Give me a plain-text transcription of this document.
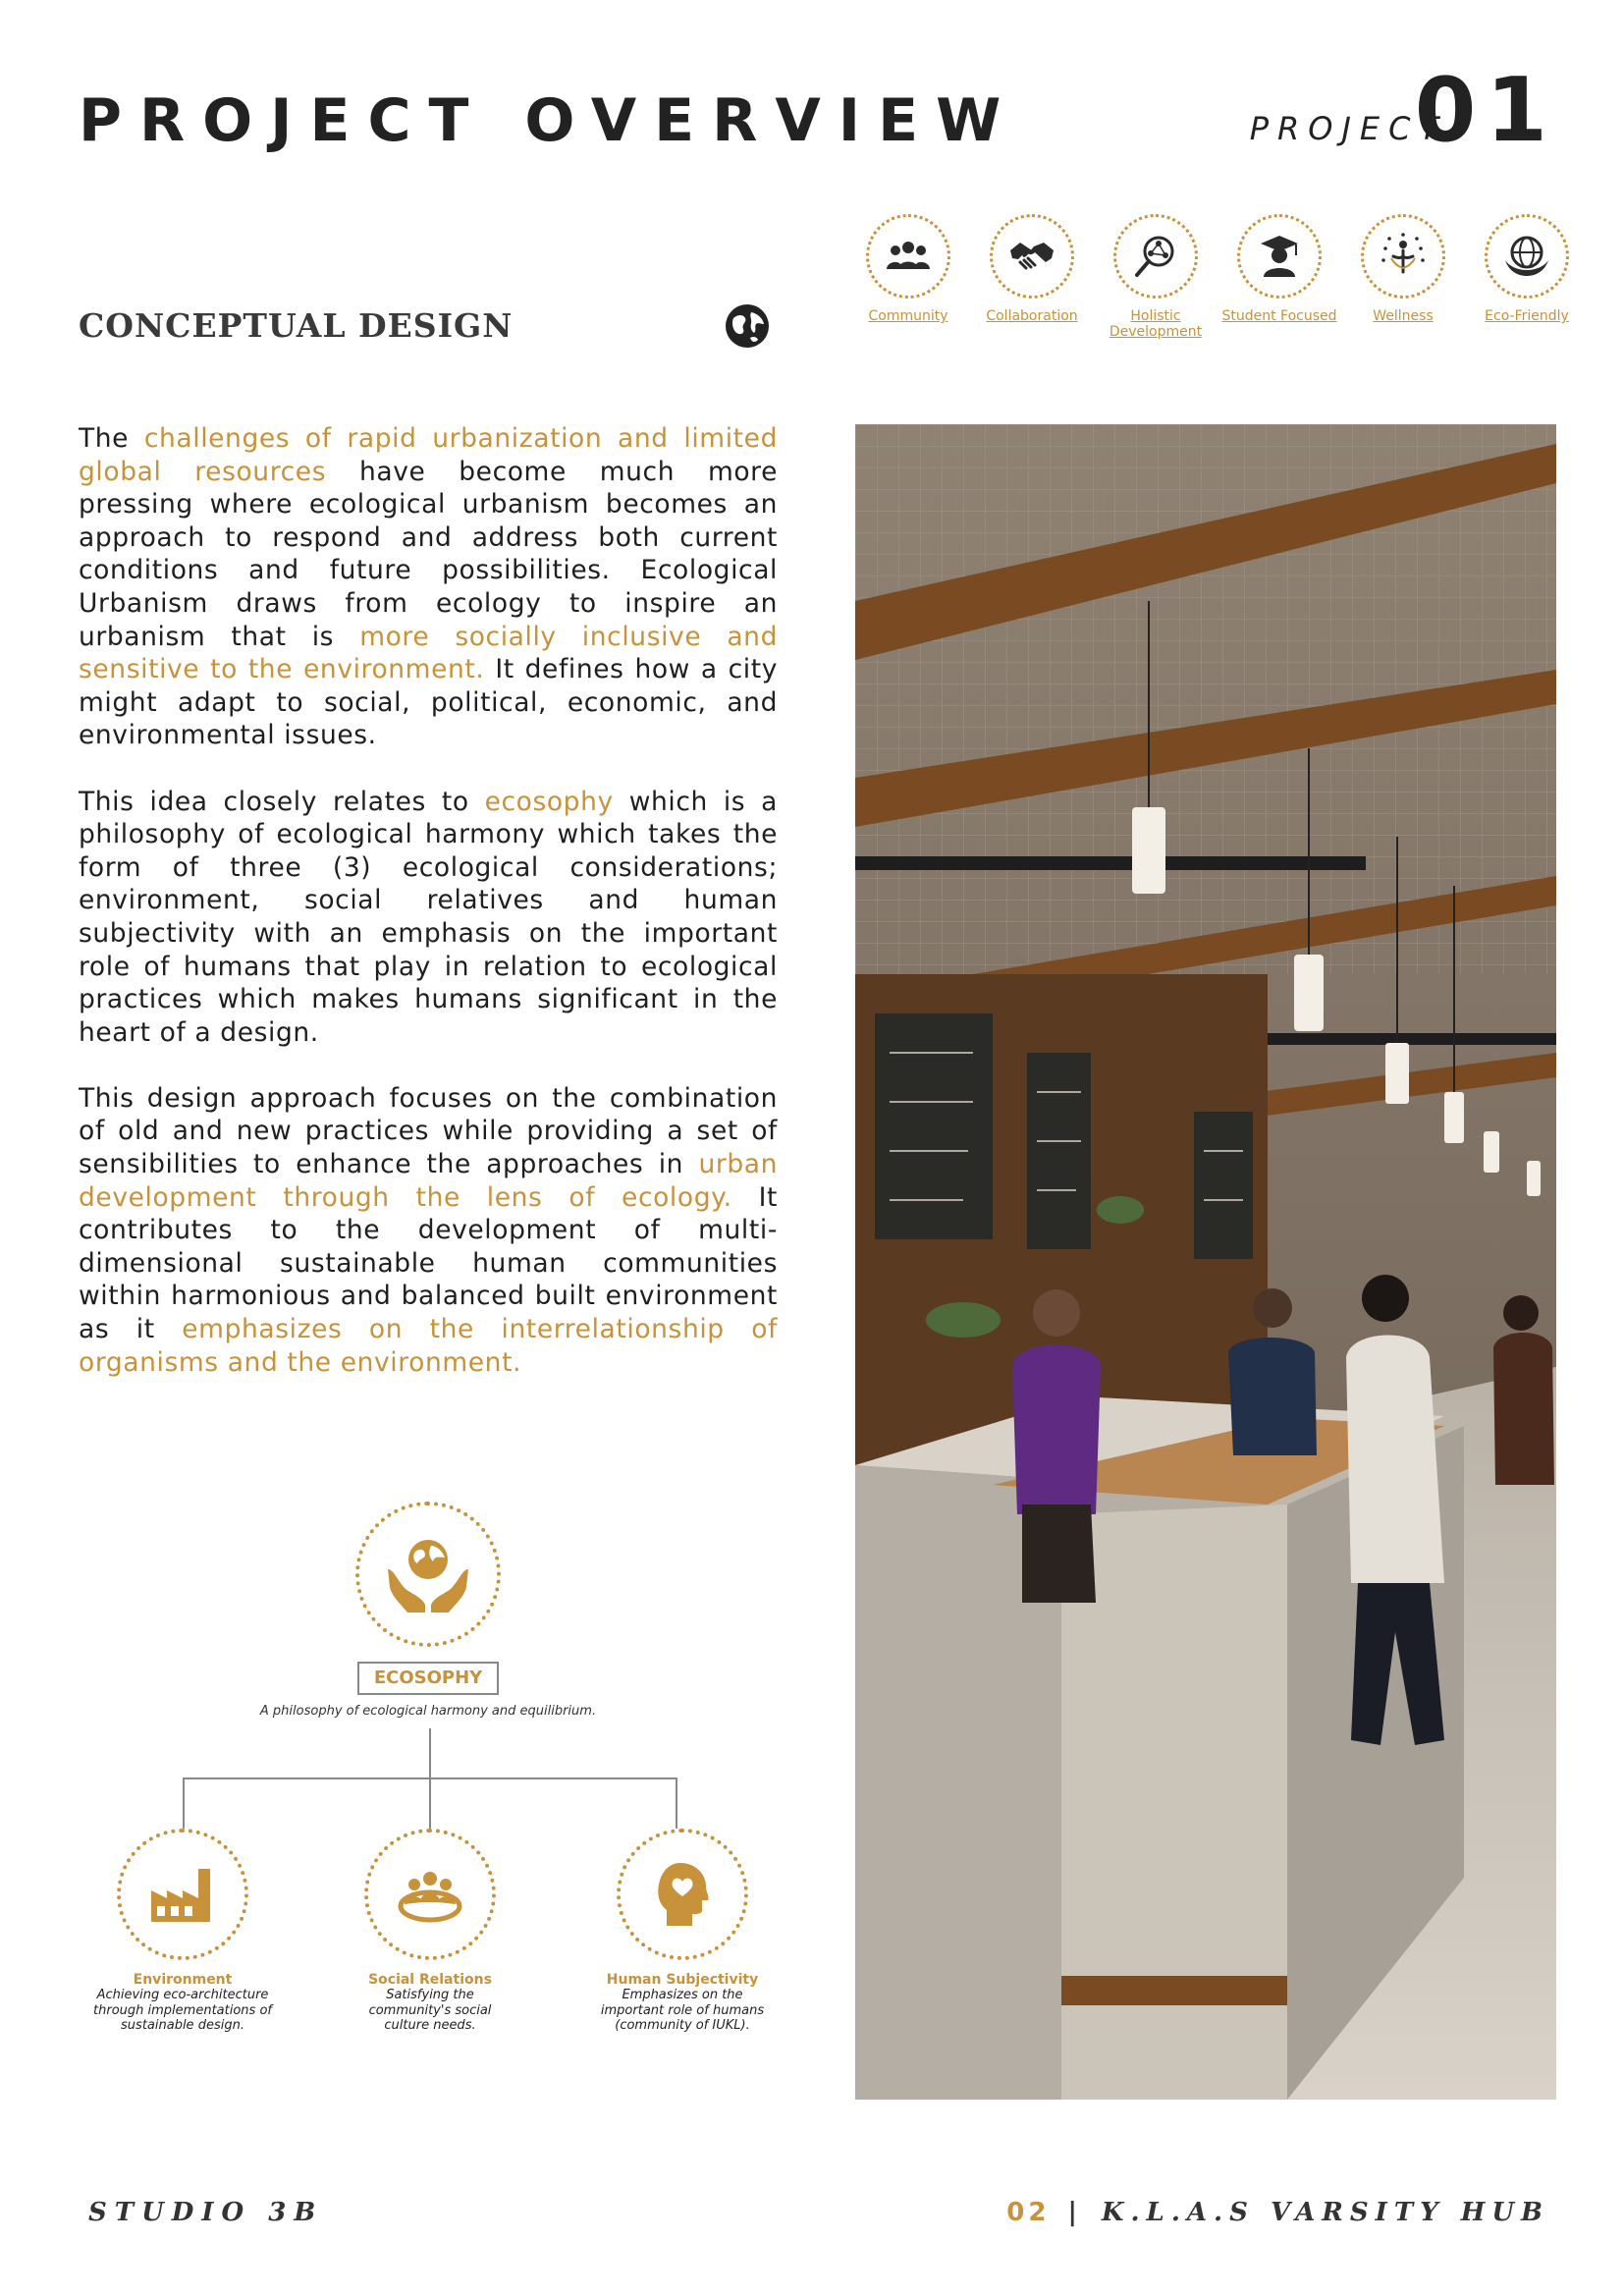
PROJECT OVERVIEW	PROJECT
01
CONCEPTUAL DESIGN	Community	Collaboration	Holistic Development
Student Focused	Wellness	Eco-Friendly

The challenges of rapid urbanization and limited global resources have become much more pressing where ecological urbanism becomes an approach to respond and address both current conditions and future possibilities. Ecological Urbanism draws from ecology to inspire an urbanism that is more socially inclusive and sensitive to the environment. It defines how a city might adapt to social, political, economic, and environmental issues.

This idea closely relates to ecosophy which is a philosophy of ecological harmony which takes the form of three (3) ecological considerations; environment, social relatives and human subjectivity with an emphasis on the important role of humans that play in relation to ecological practices which makes humans significant in the heart of a design.

This design approach focuses on the combination of old and new practices while providing a set of sensibilities to enhance the approaches in urban development through the lens of ecology. It contributes to the development of multi-dimensional sustainable human communities within harmonious and balanced built environment as it emphasizes on the interrelationship of organisms and the environment.

ECOSOPHY
A philosophy of ecological harmony and equilibrium.
Environment
Achieving eco-architecture
through implementations of
sustainable design.
Social Relations
Satisfying the
community's social
culture needs.
Human Subjectivity
Emphasizes on the
important role of humans
(community of IUKL).
STUDIO 3B	02 | K.L.A.S VARSITY HUB
